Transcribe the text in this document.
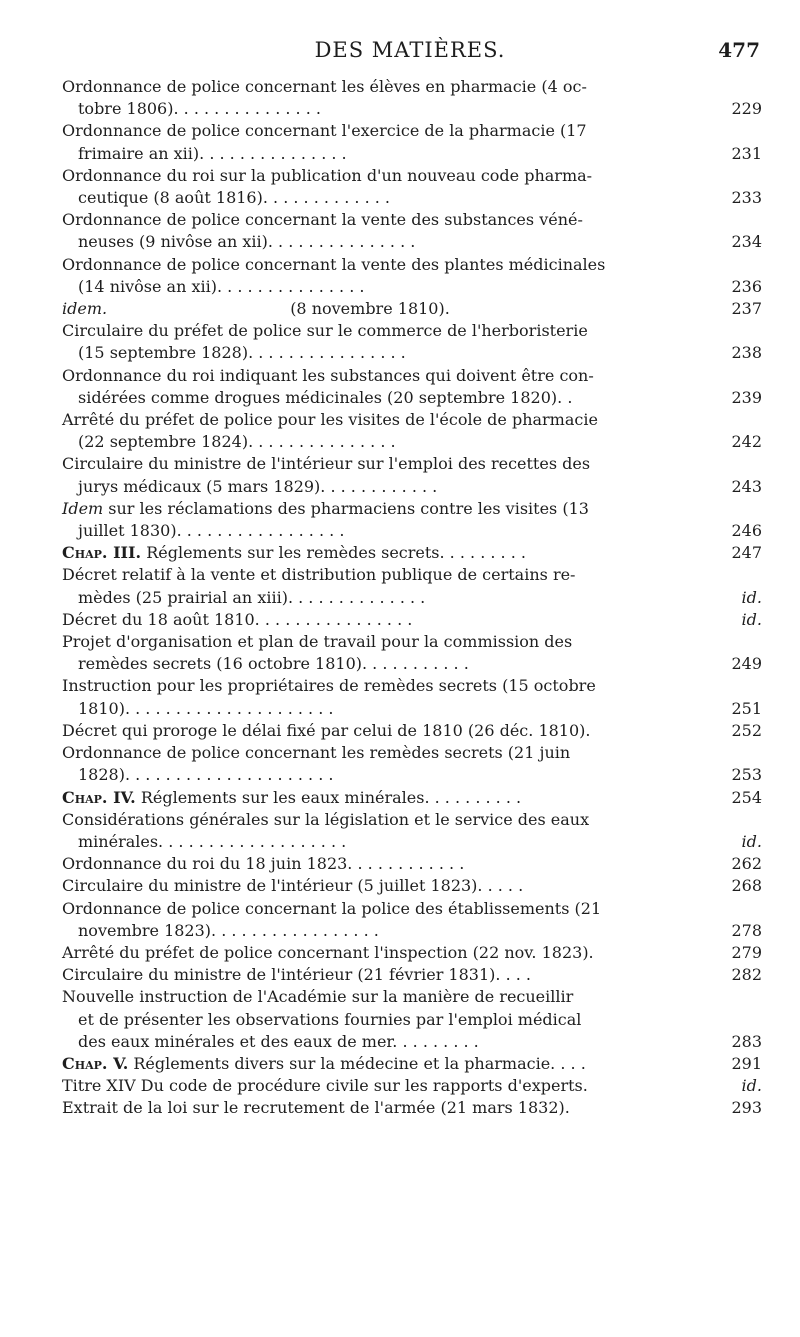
DES MATIÈRES.	477
Ordonnance de police concernant les élèves en pharmacie (4 oc-
tobre 1806). . . . . . . . . . . . . . .	229
Ordonnance de police concernant l'exercice de la pharmacie (17
frimaire an xii). . . . . . . . . . . . . . .	231
Ordonnance du roi sur la publication d'un nouveau code pharma-
ceutique (8 août 1816). . . . . . . . . . . . .	233
Ordonnance de police concernant la vente des substances véné-
neuses (9 nivôse an xii). . . . . . . . . . . . . . .	234
Ordonnance de police concernant la vente des plantes médicinales
(14 nivôse an xii). . . . . . . . . . . . . . .	236
idem.                                    (8 novembre 1810).	237
Circulaire du préfet de police sur le commerce de l'herboristerie
(15 septembre 1828). . . . . . . . . . . . . . . .	238
Ordonnance du roi indiquant les substances qui doivent être con-
sidérées comme drogues médicinales (20 septembre 1820). .	239
Arrêté du préfet de police pour les visites de l'école de pharmacie
(22 septembre 1824). . . . . . . . . . . . . . .	242
Circulaire du ministre de l'intérieur sur l'emploi des recettes des
jurys médicaux (5 mars 1829). . . . . . . . . . . .	243
Idem sur les réclamations des pharmaciens contre les visites (13
juillet 1830). . . . . . . . . . . . . . . . .	246
Chap. III. Réglements sur les remèdes secrets. . . . . . . . .	247
Décret relatif à la vente et distribution publique de certains re-
mèdes (25 prairial an xiii). . . . . . . . . . . . . .	id.
Décret du 18 août 1810. . . . . . . . . . . . . . . .	id.
Projet d'organisation et plan de travail pour la commission des
remèdes secrets (16 octobre 1810). . . . . . . . . . .	249
Instruction pour les propriétaires de remèdes secrets (15 octobre
1810). . . . . . . . . . . . . . . . . . . . .	251
Décret qui proroge le délai fixé par celui de 1810 (26 déc. 1810).	252
Ordonnance de police concernant les remèdes secrets (21 juin
1828). . . . . . . . . . . . . . . . . . . . .	253
Chap. IV. Réglements sur les eaux minérales. . . . . . . . . .	254
Considérations générales sur la législation et le service des eaux
minérales. . . . . . . . . . . . . . . . . . .	id.
Ordonnance du roi du 18 juin 1823. . . . . . . . . . . .	262
Circulaire du ministre de l'intérieur (5 juillet 1823). . . . .	268
Ordonnance de police concernant la police des établissements (21
novembre 1823). . . . . . . . . . . . . . . . .	278
Arrêté du préfet de police concernant l'inspection (22 nov. 1823).	279
Circulaire du ministre de l'intérieur (21 février 1831). . . .	282
Nouvelle instruction de l'Académie sur la manière de recueillir
et de présenter les observations fournies par l'emploi médical
des eaux minérales et des eaux de mer. . . . . . . . .	283
Chap. V. Réglements divers sur la médecine et la pharmacie. . . .	291
Titre XIV Du code de procédure civile sur les rapports d'experts.	id.
Extrait de la loi sur le recrutement de l'armée (21 mars 1832).	293
